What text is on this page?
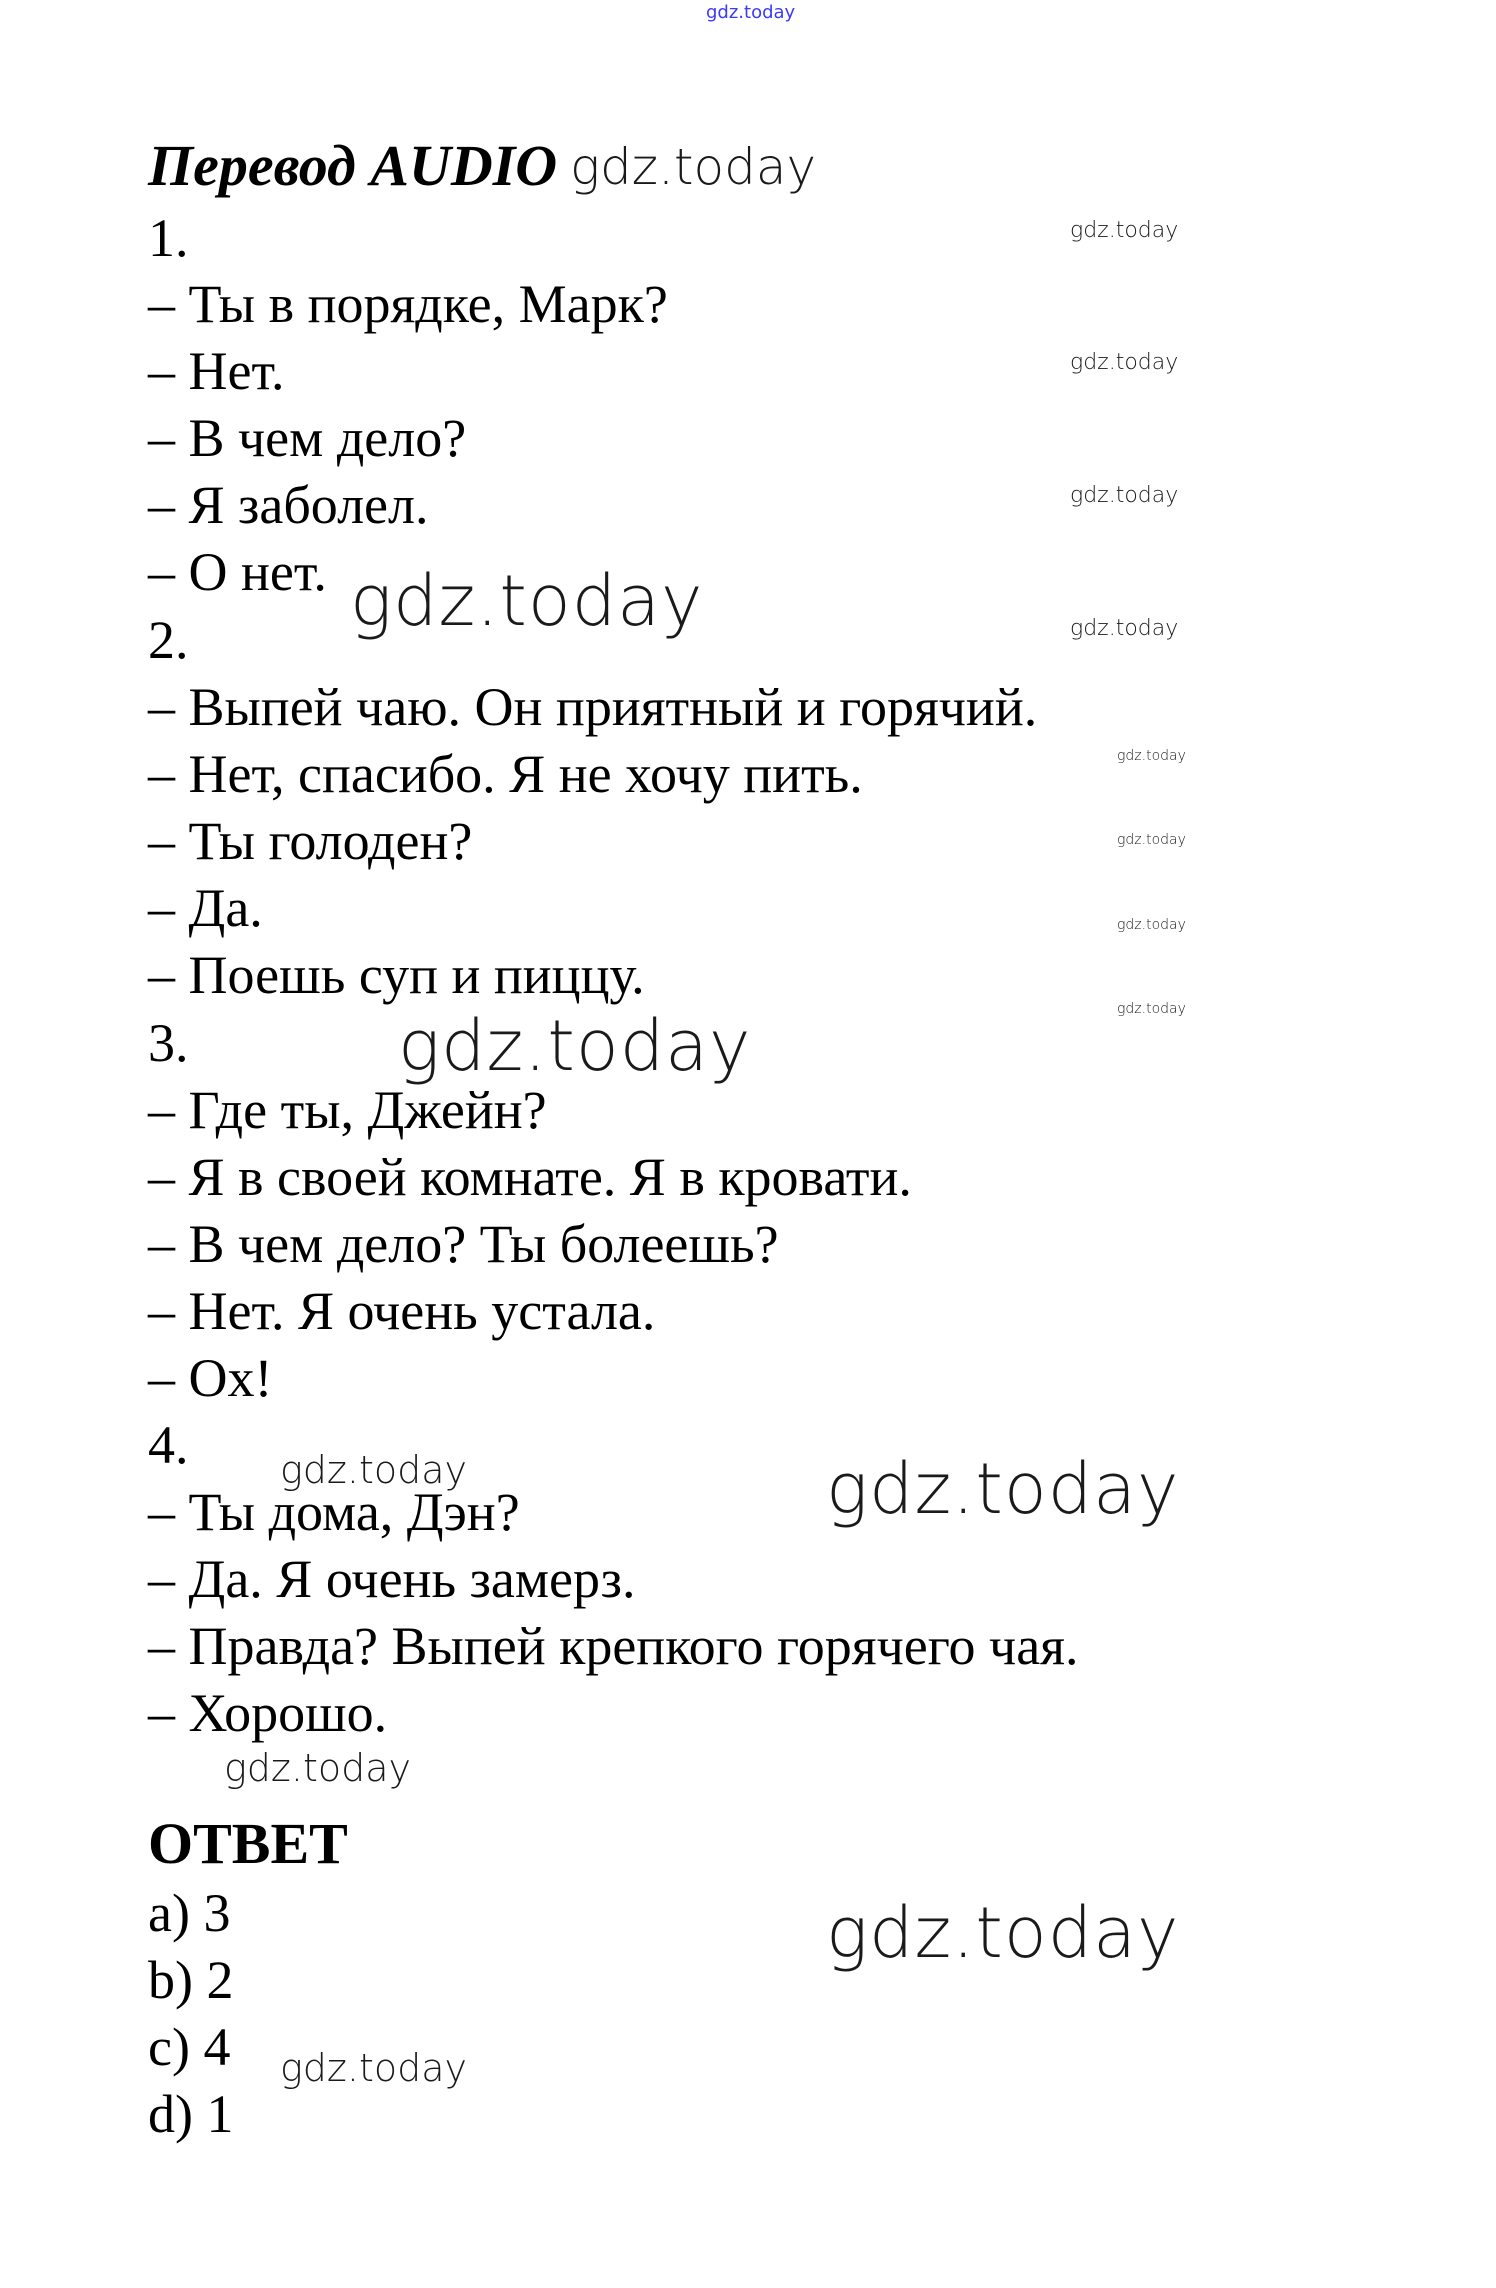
gdz.today
Перевод AUDIO
1.
– Ты в порядке, Марк?
– Нет.
– В чем дело?
– Я заболел.
– О нет.
2.
– Выпей чаю. Он приятный и горячий.
– Нет, спасибо. Я не хочу пить.
– Ты голоден?
– Да.
– Поешь суп и пиццу.
3.
– Где ты, Джейн?
– Я в своей комнате. Я в кровати.
– В чем дело? Ты болеешь?
– Нет. Я очень устала.
– Ох!
4.
– Ты дома, Дэн?
– Да. Я очень замерз.
– Правда? Выпей крепкого горячего чая.
– Хорошо.
ОТВЕТ
a) 3
b) 2
c) 4
d) 1
gdz.today
gdz.today
gdz.today
gdz.today
gdz.today	gdz.today
gdz.today
gdz.today
gdz.today
gdz.today
gdz.today
gdz.today	gdz.today
gdz.today
gdz.today
gdz.today
